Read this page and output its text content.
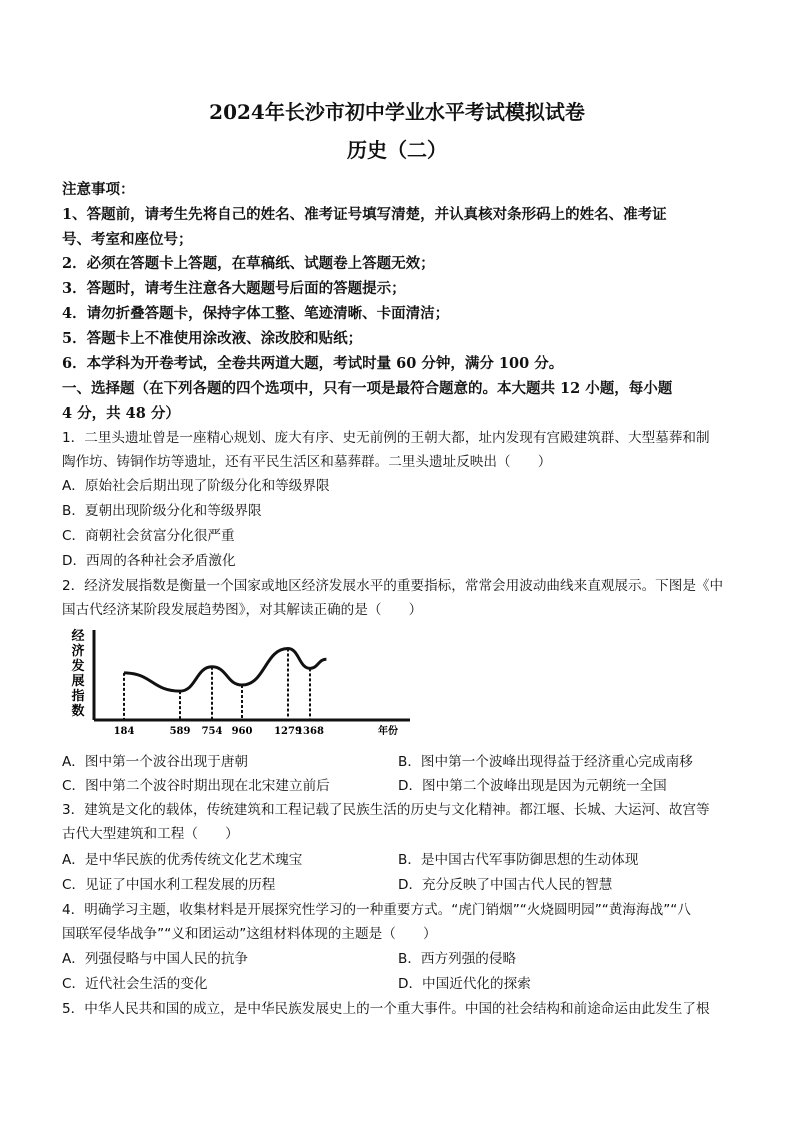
2024年长沙市初中学业水平考试模拟试卷
历史（二）
注意事项：
1、答题前，请考生先将自己的姓名、准考证号填写清楚，并认真核对条形码上的姓名、准考证
号、考室和座位号；
2．必须在答题卡上答题，在草稿纸、试题卷上答题无效；
3．答题时，请考生注意各大题题号后面的答题提示；
4．请勿折叠答题卡，保持字体工整、笔迹清晰、卡面清洁；
5．答题卡上不准使用涂改液、涂改胶和贴纸；
6．本学科为开卷考试，全卷共两道大题，考试时量 60 分钟，满分 100 分。
一、选择题（在下列各题的四个选项中，只有一项是最符合题意的。本大题共 12 小题，每小题
4 分，共 48 分）
1．二里头遗址曾是一座精心规划、庞大有序、史无前例的王朝大都，址内发现有宫殿建筑群、大型墓葬和制
陶作坊、铸铜作坊等遗址，还有平民生活区和墓葬群。二里头遗址反映出（　　）
A．原始社会后期出现了阶级分化和等级界限
B．夏朝出现阶级分化和等级界限
C．商朝社会贫富分化很严重
D．西周的各种社会矛盾激化
2．经济发展指数是衡量一个国家或地区经济发展水平的重要指标，常常会用波动曲线来直观展示。下图是《中
国古代经济某阶段发展趋势图》，对其解读正确的是（　　）
经
济
发
展
指
数
184	589 754 960 1279
1368	年份
A．图中第一个波谷出现于唐朝	B．图中第一个波峰出现得益于经济重心完成南移
C．图中第二个波谷时期出现在北宋建立前后	D．图中第二个波峰出现是因为元朝统一全国
3．建筑是文化的载体，传统建筑和工程记载了民族生活的历史与文化精神。都江堰、长城、大运河、故宫等
古代大型建筑和工程（　　）
A．是中华民族的优秀传统文化艺术瑰宝	B．是中国古代军事防御思想的生动体现
C．见证了中国水利工程发展的历程	D．充分反映了中国古代人民的智慧
4．明确学习主题，收集材料是开展探究性学习的一种重要方式。“虎门销烟”“火烧圆明园”“黄海海战”“八
国联军侵华战争”“义和团运动”这组材料体现的主题是（　　）
A．列强侵略与中国人民的抗争	B．西方列强的侵略
C．近代社会生活的变化	D．中国近代化的探索
5．中华人民共和国的成立，是中华民族发展史上的一个重大事件。中国的社会结构和前途命运由此发生了根
